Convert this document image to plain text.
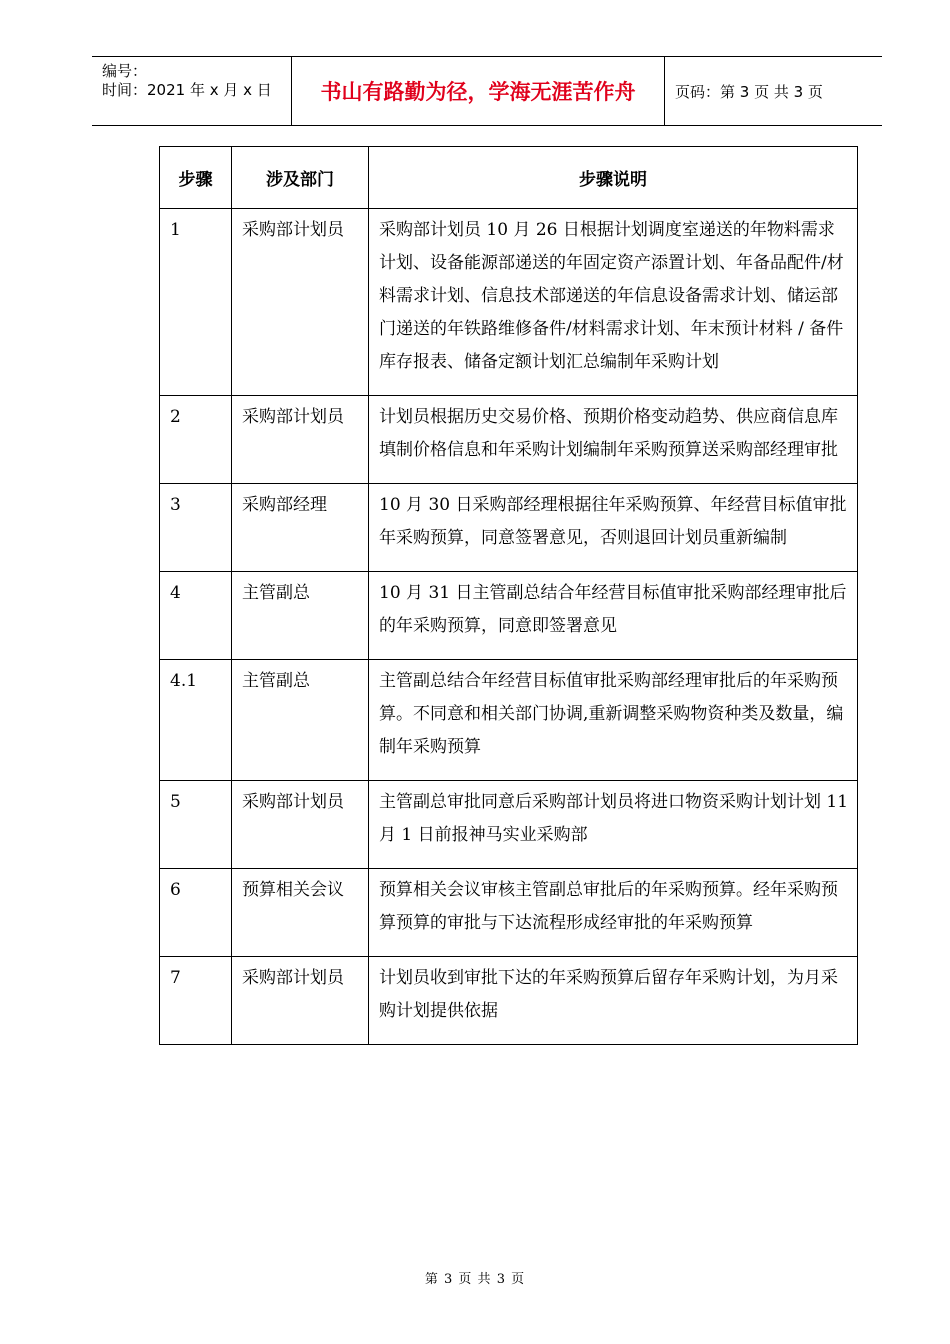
编号：
时间：2021 年 x 月 x 日	书山有路勤为径，学海无涯苦作舟	页码：第 3 页 共 3 页
步骤	涉及部门	步骤说明
1	采购部计划员	采购部计划员 10 月 26 日根据计划调度室递送的年物料需求计划、设备能源部递送的年固定资产添置计划、年备品配件/材料需求计划、信息技术部递送的年信息设备需求计划、储运部门递送的年铁路维修备件/材料需求计划、年末预计材料 / 备件库存报表、储备定额计划汇总编制年采购计划
2	采购部计划员	计划员根据历史交易价格、预期价格变动趋势、供应商信息库填制价格信息和年采购计划编制年采购预算送采购部经理审批
3	采购部经理	10 月 30 日采购部经理根据往年采购预算、年经营目标值审批年采购预算，同意签署意见，否则退回计划员重新编制
4	主管副总	10 月 31 日主管副总结合年经营目标值审批采购部经理审批后的年采购预算，同意即签署意见
4.1	主管副总	主管副总结合年经营目标值审批采购部经理审批后的年采购预算。不同意和相关部门协调,重新调整采购物资种类及数量，编制年采购预算
5	采购部计划员	主管副总审批同意后采购部计划员将进口物资采购计划计划 11 月 1 日前报神马实业采购部
6	预算相关会议	预算相关会议审核主管副总审批后的年采购预算。经年采购预算预算的审批与下达流程形成经审批的年采购预算
7	采购部计划员	计划员收到审批下达的年采购预算后留存年采购计划，为月采购计划提供依据
第 3 页 共 3 页
